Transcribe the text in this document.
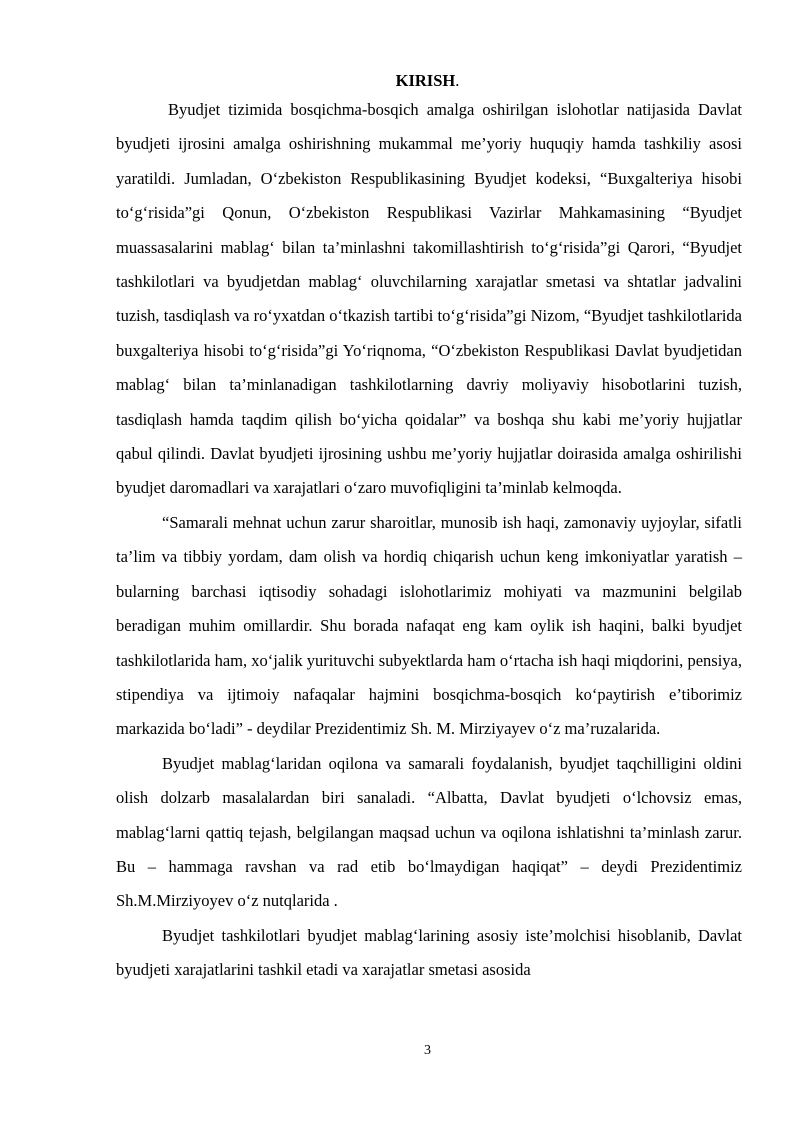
KIRISH.

Byudjet tizimida bosqichma-bosqich amalga oshirilgan islohotlar natijasida Davlat byudjeti ijrosini amalga oshirishning mukammal me’yoriy huquqiy hamda tashkiliy asosi yaratildi. Jumladan, O‘zbekiston Respublikasining Byudjet kodeksi, “Buxgalteriya hisobi to‘g‘risida”gi Qonun, O‘zbekiston Respublikasi Vazirlar Mahkamasining “Byudjet muassasalarini mablag‘ bilan ta’minlashni takomillashtirish to‘g‘risida”gi Qarori, “Byudjet tashkilotlari va byudjetdan mablag‘ oluvchilarning xarajatlar smetasi va shtatlar jadvalini tuzish, tasdiqlash va ro‘yxatdan o‘tkazish tartibi to‘g‘risida”gi Nizom, “Byudjet tashkilotlarida buxgalteriya hisobi to‘g‘risida”gi Yo‘riqnoma, “O‘zbekiston Respublikasi Davlat byudjetidan mablag‘ bilan ta’minlanadigan tashkilotlarning davriy moliyaviy hisobotlarini tuzish, tasdiqlash hamda taqdim qilish bo‘yicha qoidalar” va boshqa shu kabi me’yoriy hujjatlar qabul qilindi. Davlat byudjeti ijrosining ushbu me’yoriy hujjatlar doirasida amalga oshirilishi byudjet daromadlari va xarajatlari o‘zaro muvofiqligini ta’minlab kelmoqda.

“Samarali mehnat uchun zarur sharoitlar, munosib ish haqi, zamonaviy uyjoylar, sifatli ta’lim va tibbiy yordam, dam olish va hordiq chiqarish uchun keng imkoniyatlar yaratish – bularning barchasi iqtisodiy sohadagi islohotlarimiz mohiyati va mazmunini belgilab beradigan muhim omillardir. Shu borada nafaqat eng kam oylik ish haqini, balki byudjet tashkilotlarida ham, xo‘jalik yurituvchi subyektlarda ham o‘rtacha ish haqi miqdorini, pensiya, stipendiya va ijtimoiy nafaqalar hajmini bosqichma-bosqich ko‘paytirish e’tiborimiz markazida bo‘ladi” - deydilar Prezidentimiz Sh. M. Mirziyayev o‘z ma’ruzalarida.

Byudjet mablag‘laridan oqilona va samarali foydalanish, byudjet taqchilligini oldini olish dolzarb masalalardan biri sanaladi. “Albatta, Davlat byudjeti o‘lchovsiz emas, mablag‘larni qattiq tejash, belgilangan maqsad uchun va oqilona ishlatishni ta’minlash zarur. Bu – hammaga ravshan va rad etib bo‘lmaydigan haqiqat” – deydi Prezidentimiz Sh.M.Mirziyoyev o‘z nutqlarida .

Byudjet tashkilotlari byudjet mablag‘larining asosiy iste’molchisi hisoblanib, Davlat byudjeti xarajatlarini tashkil etadi va xarajatlar smetasi asosida

3
